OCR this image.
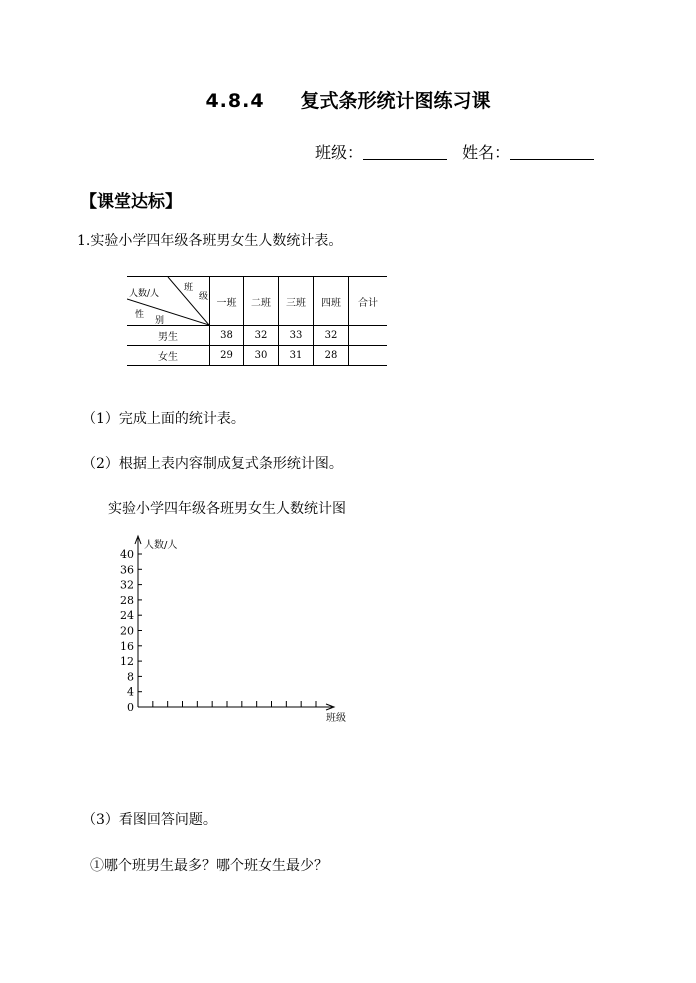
4.8.4 复式条形统计图练习课
班级：	姓名：
【课堂达标】
1.实验小学四年级各班男女生人数统计表。
班
级
人数/人
性
别	一班	二班	三班	四班	合计
男生	38	32	33	32	
女生	29	30	31	28	
（1）完成上面的统计表。
（2）根据上表内容制成复式条形统计图。
实验小学四年级各班男女生人数统计图
0
4
8
12
16
20
24
28
32
36
40
人数/人
班级
（3）看图回答问题。
①哪个班男生最多？哪个班女生最少？
